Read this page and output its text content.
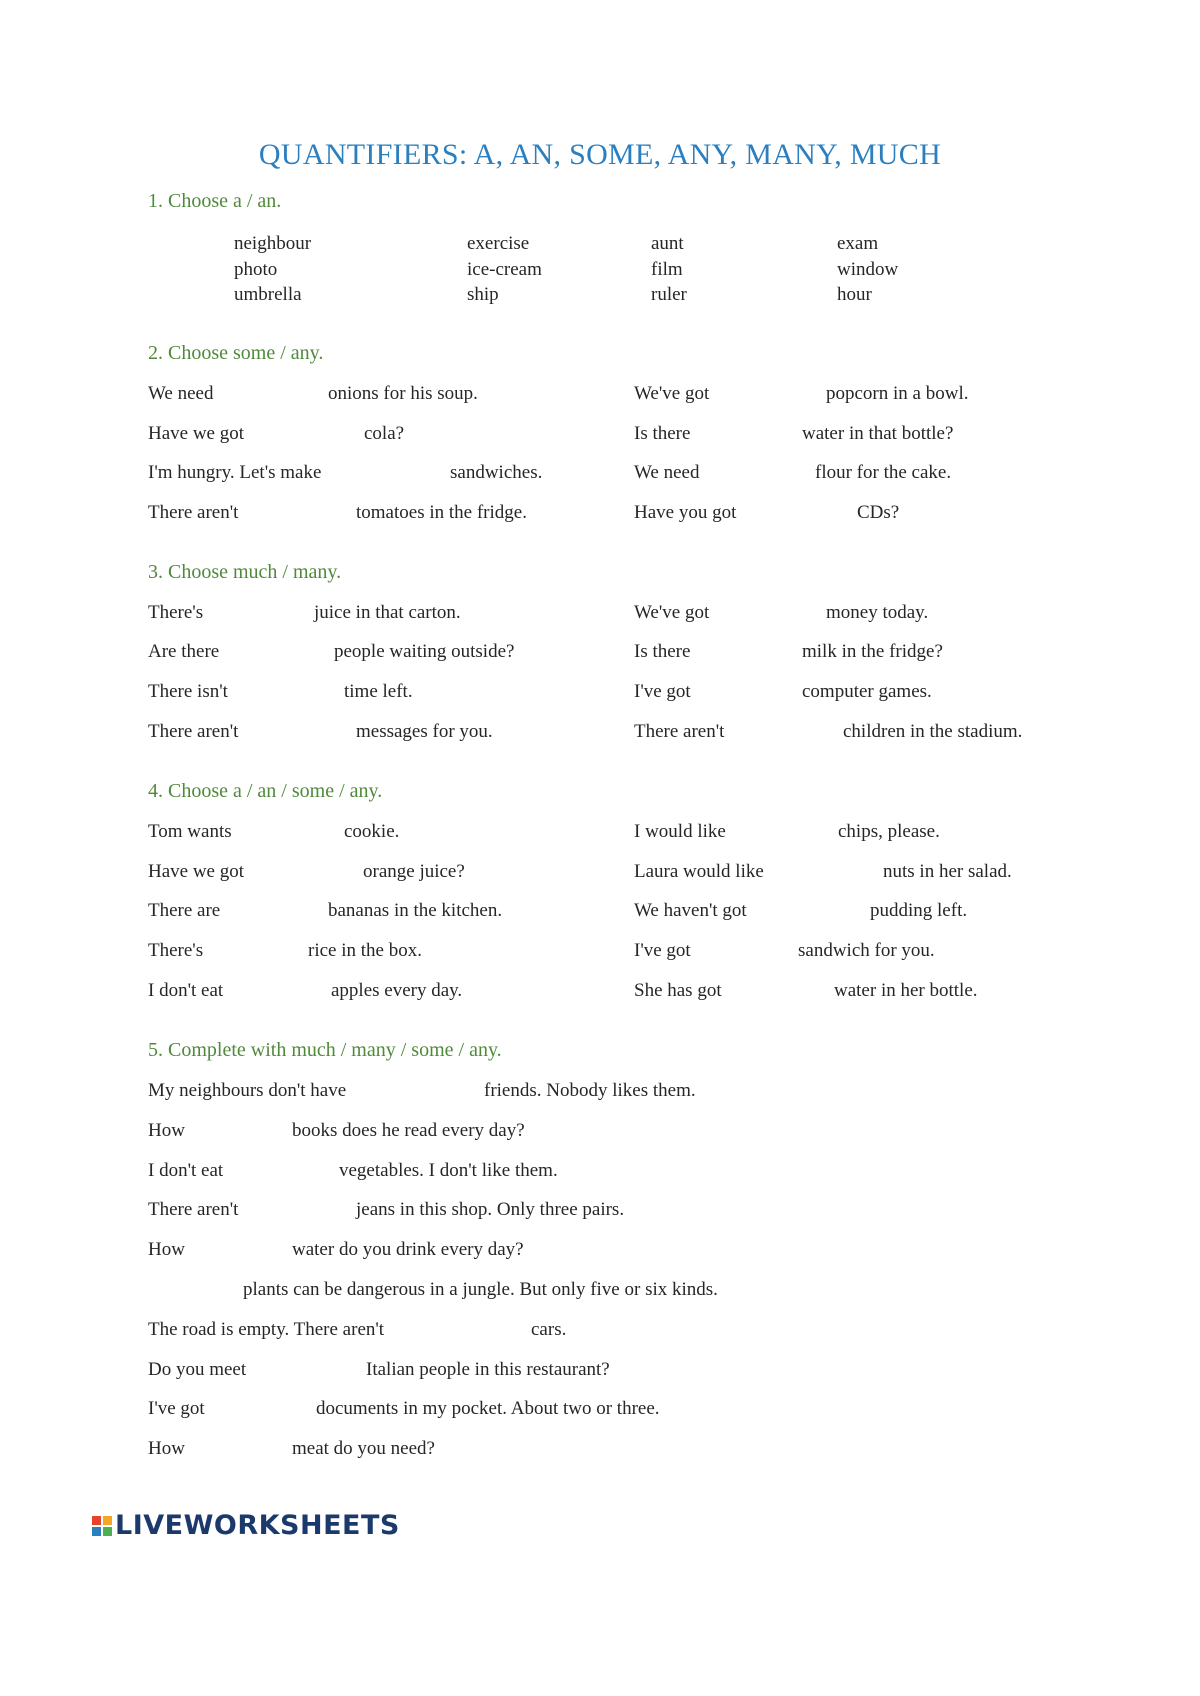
QUANTIFIERS: A, AN, SOME, ANY, MANY, MUCH
1. Choose a / an.
neighbour	exercise	aunt	exam
photo	ice-cream	film	window
umbrella	ship	ruler	hour
2. Choose some / any.
We need	onions for his soup.	We've got	popcorn in a bowl.
Have we got	cola?	Is there	water in that bottle?
I'm hungry. Let's make	sandwiches.	We need	flour for the cake.
There aren't	tomatoes in the fridge.	Have you got	CDs?
3. Choose much / many.
There's	juice in that carton.	We've got	money today.
Are there	people waiting outside?	Is there	milk in the fridge?
There isn't	time left.	I've got	computer games.
There aren't	messages for you.	There aren't	children in the stadium.
4. Choose a / an / some / any.
Tom wants	cookie.	I would like	chips, please.
Have we got	orange juice?	Laura would like	nuts in her salad.
There are	bananas in the kitchen.	We haven't got	pudding left.
There's	rice in the box.	I've got	sandwich for you.
I don't eat	apples every day.	She has got	water in her bottle.
5. Complete with much / many / some / any.
My neighbours don't have	friends. Nobody likes them.
How	books does he read every day?
I don't eat	vegetables. I don't like them.
There aren't	jeans in this shop. Only three pairs.
How	water do you drink every day?
plants can be dangerous in a jungle. But only five or six kinds.
The road is empty. There aren't	cars.
Do you meet	Italian people in this restaurant?
I've got	documents in my pocket. About two or three.
How	meat do you need?
LIVEWORKSHEETS
